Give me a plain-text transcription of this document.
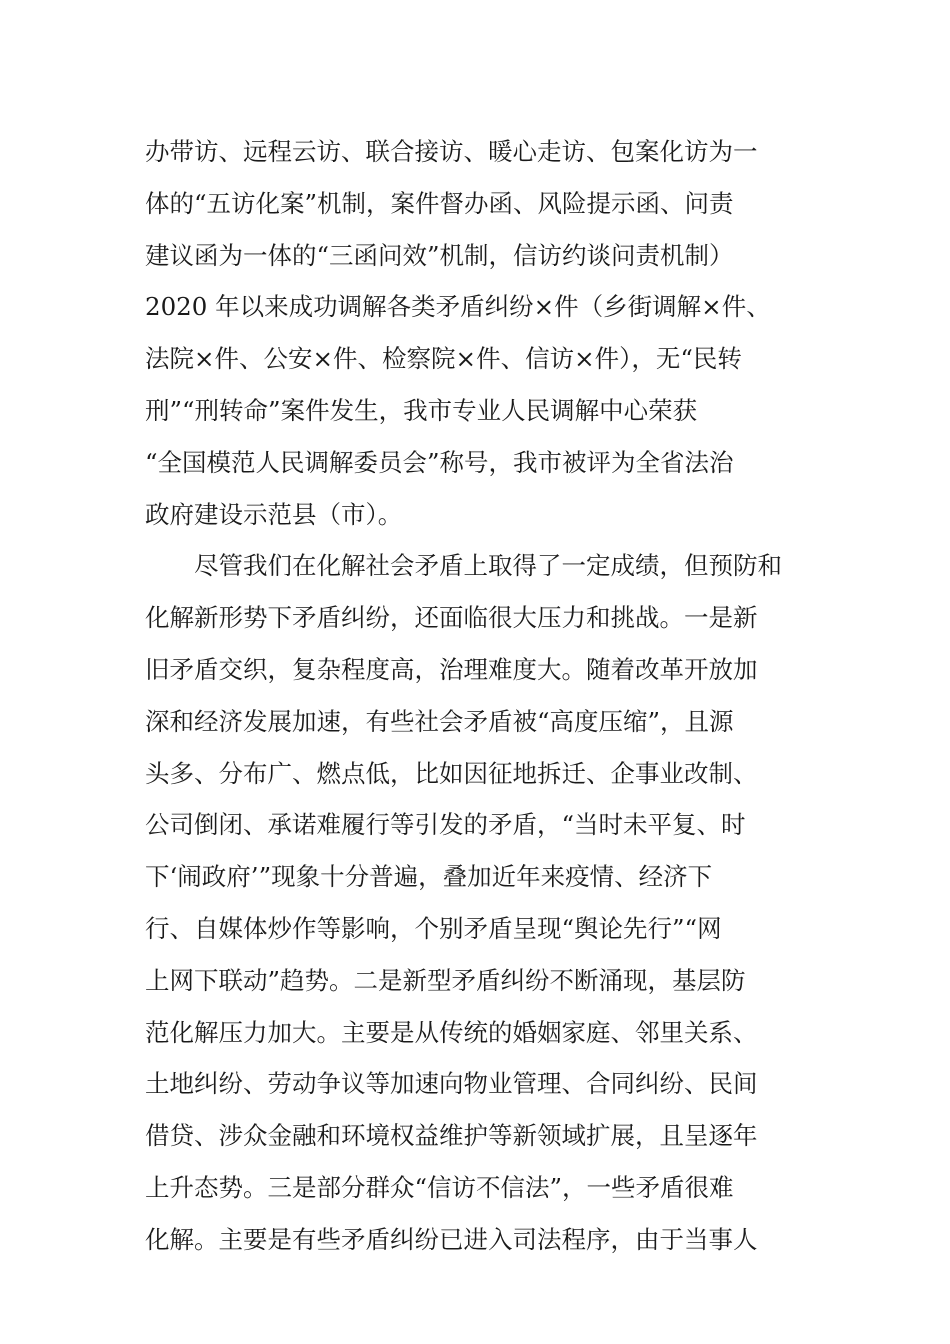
办带访、远程云访、联合接访、暖心走访、包案化访为一
体的“五访化案”机制，案件督办函、风险提示函、问责
建议函为一体的“三函问效”机制，信访约谈问责机制）
2020 年以来成功调解各类矛盾纠纷×件（乡街调解×件、
法院×件、公安×件、检察院×件、信访×件），无“民转
刑”“刑转命”案件发生，我市专业人民调解中心荣获
“全国模范人民调解委员会”称号，我市被评为全省法治
政府建设示范县（市）。
　　尽管我们在化解社会矛盾上取得了一定成绩，但预防和
化解新形势下矛盾纠纷，还面临很大压力和挑战。一是新
旧矛盾交织，复杂程度高，治理难度大。随着改革开放加
深和经济发展加速，有些社会矛盾被“高度压缩”，且源
头多、分布广、燃点低，比如因征地拆迁、企事业改制、
公司倒闭、承诺难履行等引发的矛盾，“当时未平复、时
下‘闹政府’”现象十分普遍，叠加近年来疫情、经济下
行、自媒体炒作等影响，个别矛盾呈现“舆论先行”“网
上网下联动”趋势。二是新型矛盾纠纷不断涌现，基层防
范化解压力加大。主要是从传统的婚姻家庭、邻里关系、
土地纠纷、劳动争议等加速向物业管理、合同纠纷、民间
借贷、涉众金融和环境权益维护等新领域扩展，且呈逐年
上升态势。三是部分群众“信访不信法”，一些矛盾很难
化解。主要是有些矛盾纠纷已进入司法程序，由于当事人
